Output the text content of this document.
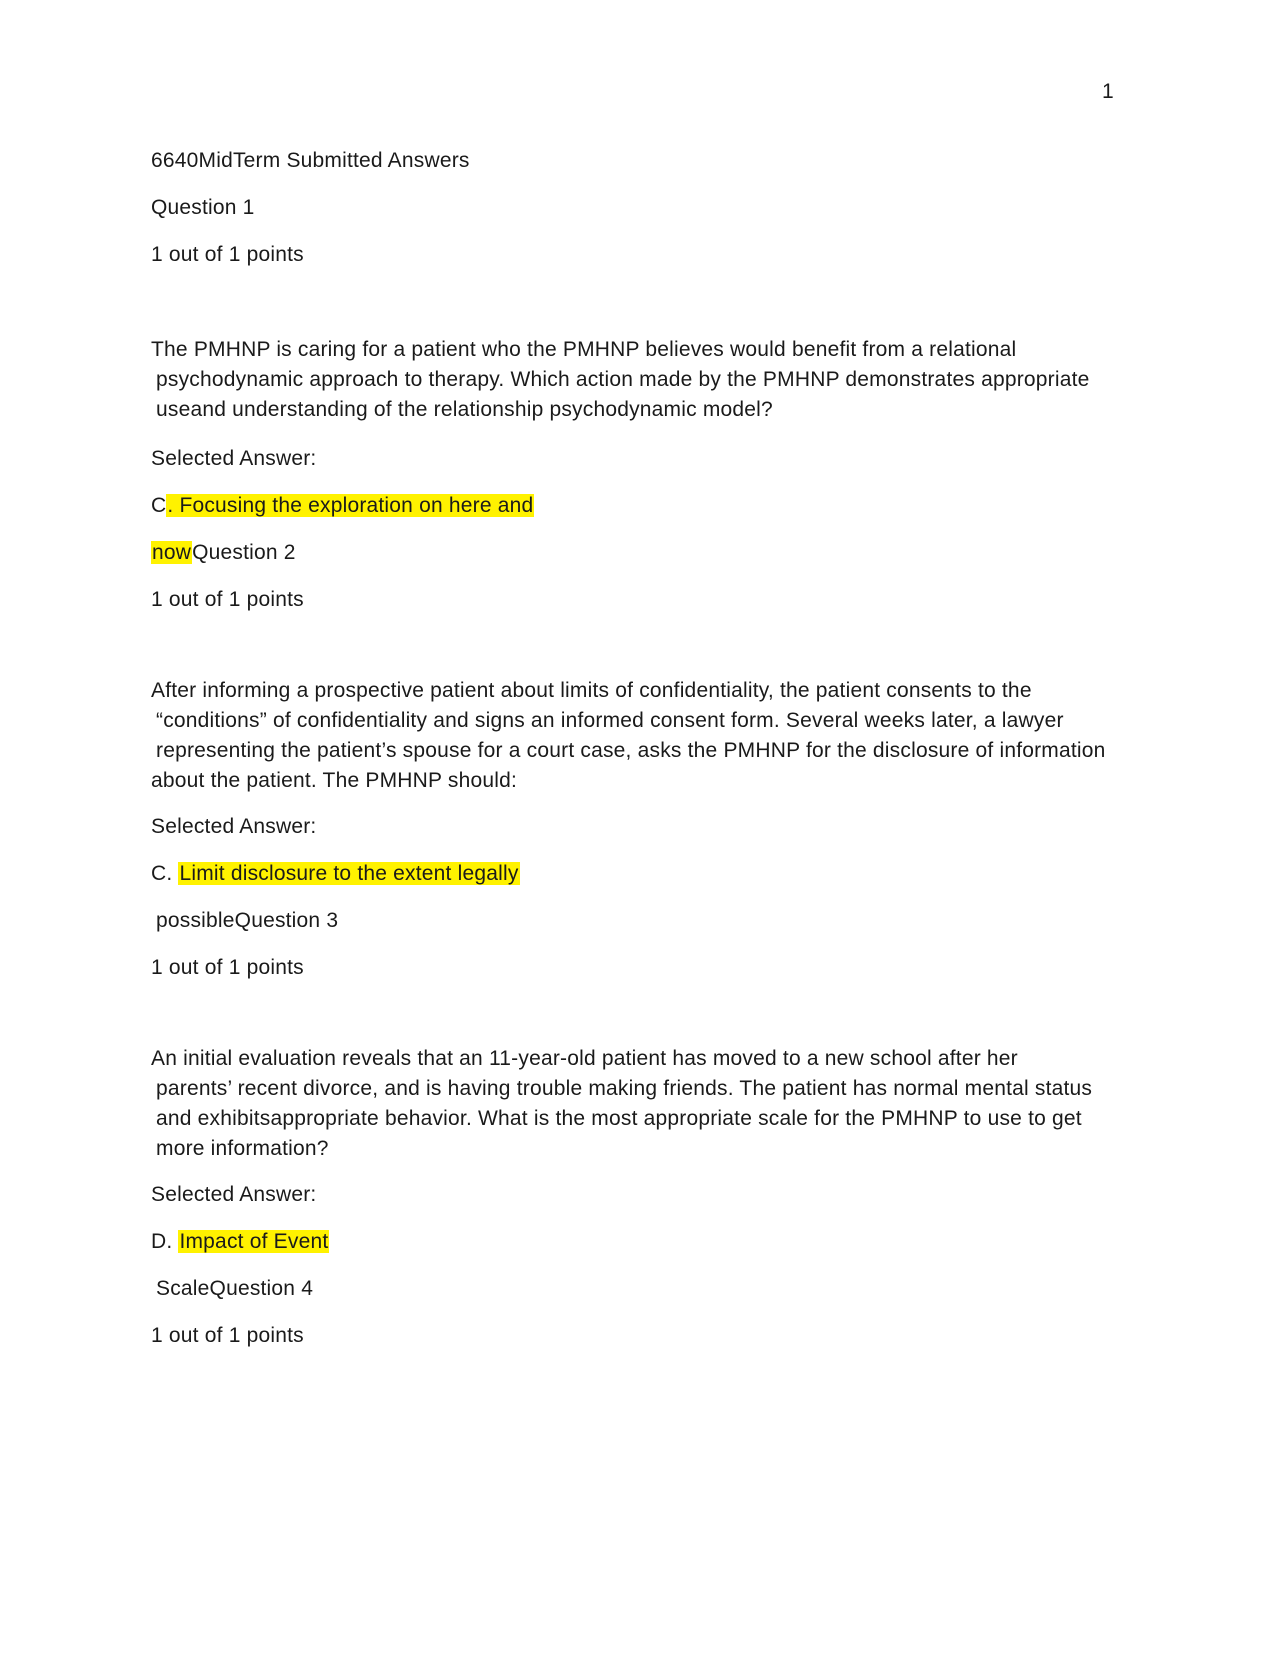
1
6640MidTerm Submitted Answers
Question 1
1 out of 1 points
The PMHNP is caring for a patient who the PMHNP believes would benefit from a relational
psychodynamic approach to therapy. Which action made by the PMHNP demonstrates appropriate
useand understanding of the relationship psychodynamic model?
Selected Answer:
C. Focusing the exploration on here and
nowQuestion 2
1 out of 1 points
After informing a prospective patient about limits of confidentiality, the patient consents to the
“conditions” of confidentiality and signs an informed consent form. Several weeks later, a lawyer
representing the patient’s spouse for a court case, asks the PMHNP for the disclosure of information
about the patient. The PMHNP should:
Selected Answer:
C. Limit disclosure to the extent legally
possibleQuestion 3
1 out of 1 points
An initial evaluation reveals that an 11-year-old patient has moved to a new school after her
parents’ recent divorce, and is having trouble making friends. The patient has normal mental status
and exhibitsappropriate behavior. What is the most appropriate scale for the PMHNP to use to get
more information?
Selected Answer:
D. Impact of Event
ScaleQuestion 4
1 out of 1 points
